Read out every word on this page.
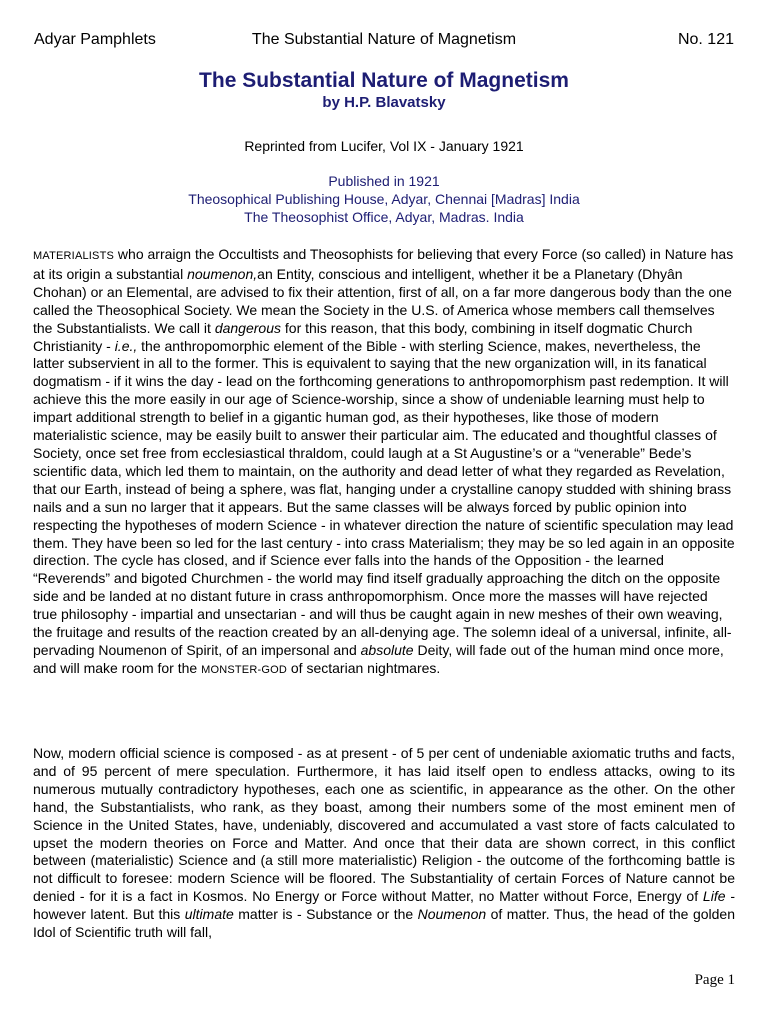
Adyar Pamphlets	The Substantial Nature of Magnetism	No. 121
The Substantial Nature of Magnetism
by H.P. Blavatsky
Reprinted from Lucifer, Vol IX - January 1921
Published in 1921
Theosophical Publishing House, Adyar, Chennai [Madras] India
The Theosophist Office, Adyar, Madras. India
MATERIALISTS who arraign the Occultists and Theosophists for believing that every Force (so called) in Nature has at its origin a substantial noumenon,an Entity, conscious and intelligent, whether it be a Planetary (Dhyân Chohan) or an Elemental, are advised to fix their attention, first of all, on a far more dangerous body than the one called the Theosophical Society. We mean the Society in the U.S. of America whose members call themselves the Substantialists. We call it dangerous for this reason, that this body, combining in itself dogmatic Church Christianity - i.e., the anthropomorphic element of the Bible - with sterling Science, makes, nevertheless, the latter subservient in all to the former. This is equivalent to saying that the new organization will, in its fanatical dogmatism - if it wins the day - lead on the forthcoming generations to anthropomorphism past redemption. It will achieve this the more easily in our age of Science-worship, since a show of undeniable learning must help to impart additional strength to belief in a gigantic human god, as their hypotheses, like those of modern materialistic science, may be easily built to answer their particular aim. The educated and thoughtful classes of Society, once set free from ecclesiastical thraldom, could laugh at a St Augustine’s or a “venerable” Bede’s scientific data, which led them to maintain, on the authority and dead letter of what they regarded as Revelation, that our Earth, instead of being a sphere, was flat, hanging under a crystalline canopy studded with shining brass nails and a sun no larger that it appears. But the same classes will be always forced by public opinion into respecting the hypotheses of modern Science - in whatever direction the nature of scientific speculation may lead them. They have been so led for the last century - into crass Materialism; they may be so led again in an opposite direction. The cycle has closed, and if Science ever falls into the hands of the Opposition - the learned “Reverends” and bigoted Churchmen - the world may find itself gradually approaching the ditch on the opposite side and be landed at no distant future in crass anthropomorphism. Once more the masses will have rejected true philosophy - impartial and unsectarian - and will thus be caught again in new meshes of their own weaving, the fruitage and results of the reaction created by an all-denying age. The solemn ideal of a universal, infinite, all-pervading Noumenon of Spirit, of an impersonal and absolute Deity, will fade out of the human mind once more, and will make room for the MONSTER-GOD of sectarian nightmares.
Now, modern official science is composed - as at present - of 5 per cent of undeniable axiomatic truths and facts, and of 95 percent of mere speculation. Furthermore, it has laid itself open to endless attacks, owing to its numerous mutually contradictory hypotheses, each one as scientific, in appearance as the other. On the other hand, the Substantialists, who rank, as they boast, among their numbers some of the most eminent men of Science in the United States, have, undeniably, discovered and accumulated a vast store of facts calculated to upset the modern theories on Force and Matter. And once that their data are shown correct, in this conflict between (materialistic) Science and (a still more materialistic) Religion - the outcome of the forthcoming battle is not difficult to foresee: modern Science will be floored. The Substantiality of certain Forces of Nature cannot be denied - for it is a fact in Kosmos. No Energy or Force without Matter, no Matter without Force, Energy of Life - however latent. But this ultimate matter is - Substance or the Noumenon of matter. Thus, the head of the golden Idol of Scientific truth will fall,
Page 1
